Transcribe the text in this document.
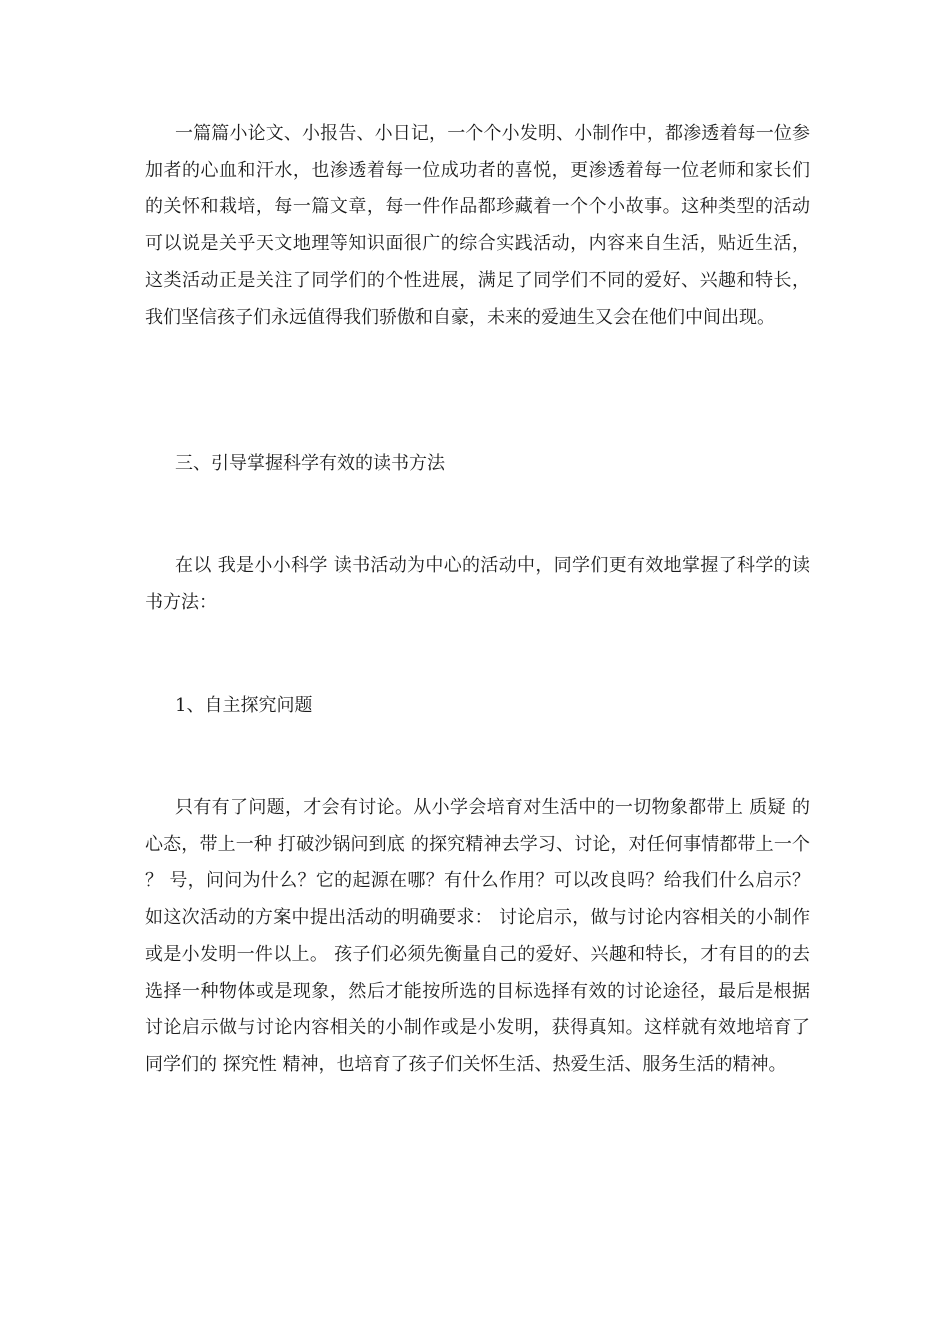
一篇篇小论文、小报告、小日记，一个个小发明、小制作中，都渗透着每一位参加者的心血和汗水，也渗透着每一位成功者的喜悦，更渗透着每一位老师和家长们的关怀和栽培，每一篇文章，每一件作品都珍藏着一个个小故事。这种类型的活动可以说是关乎天文地理等知识面很广的综合实践活动，内容来自生活，贴近生活，这类活动正是关注了同学们的个性进展，满足了同学们不同的爱好、兴趣和特长，我们坚信孩子们永远值得我们骄傲和自豪，未来的爱迪生又会在他们中间出现。

三、引导掌握科学有效的读书方法

在以 我是小小科学 读书活动为中心的活动中，同学们更有效地掌握了科学的读书方法：

1、自主探究问题

只有有了问题，才会有讨论。从小学会培育对生活中的一切物象都带上 质疑 的心态，带上一种 打破沙锅问到底 的探究精神去学习、讨论，对任何事情都带上一个 ？ 号，问问为什么？它的起源在哪？有什么作用？可以改良吗？给我们什么启示？如这次活动的方案中提出活动的明确要求： 讨论启示，做与讨论内容相关的小制作或是小发明一件以上。 孩子们必须先衡量自己的爱好、兴趣和特长，才有目的的去选择一种物体或是现象，然后才能按所选的目标选择有效的讨论途径，最后是根据讨论启示做与讨论内容相关的小制作或是小发明，获得真知。这样就有效地培育了同学们的 探究性 精神，也培育了孩子们关怀生活、热爱生活、服务生活的精神。
